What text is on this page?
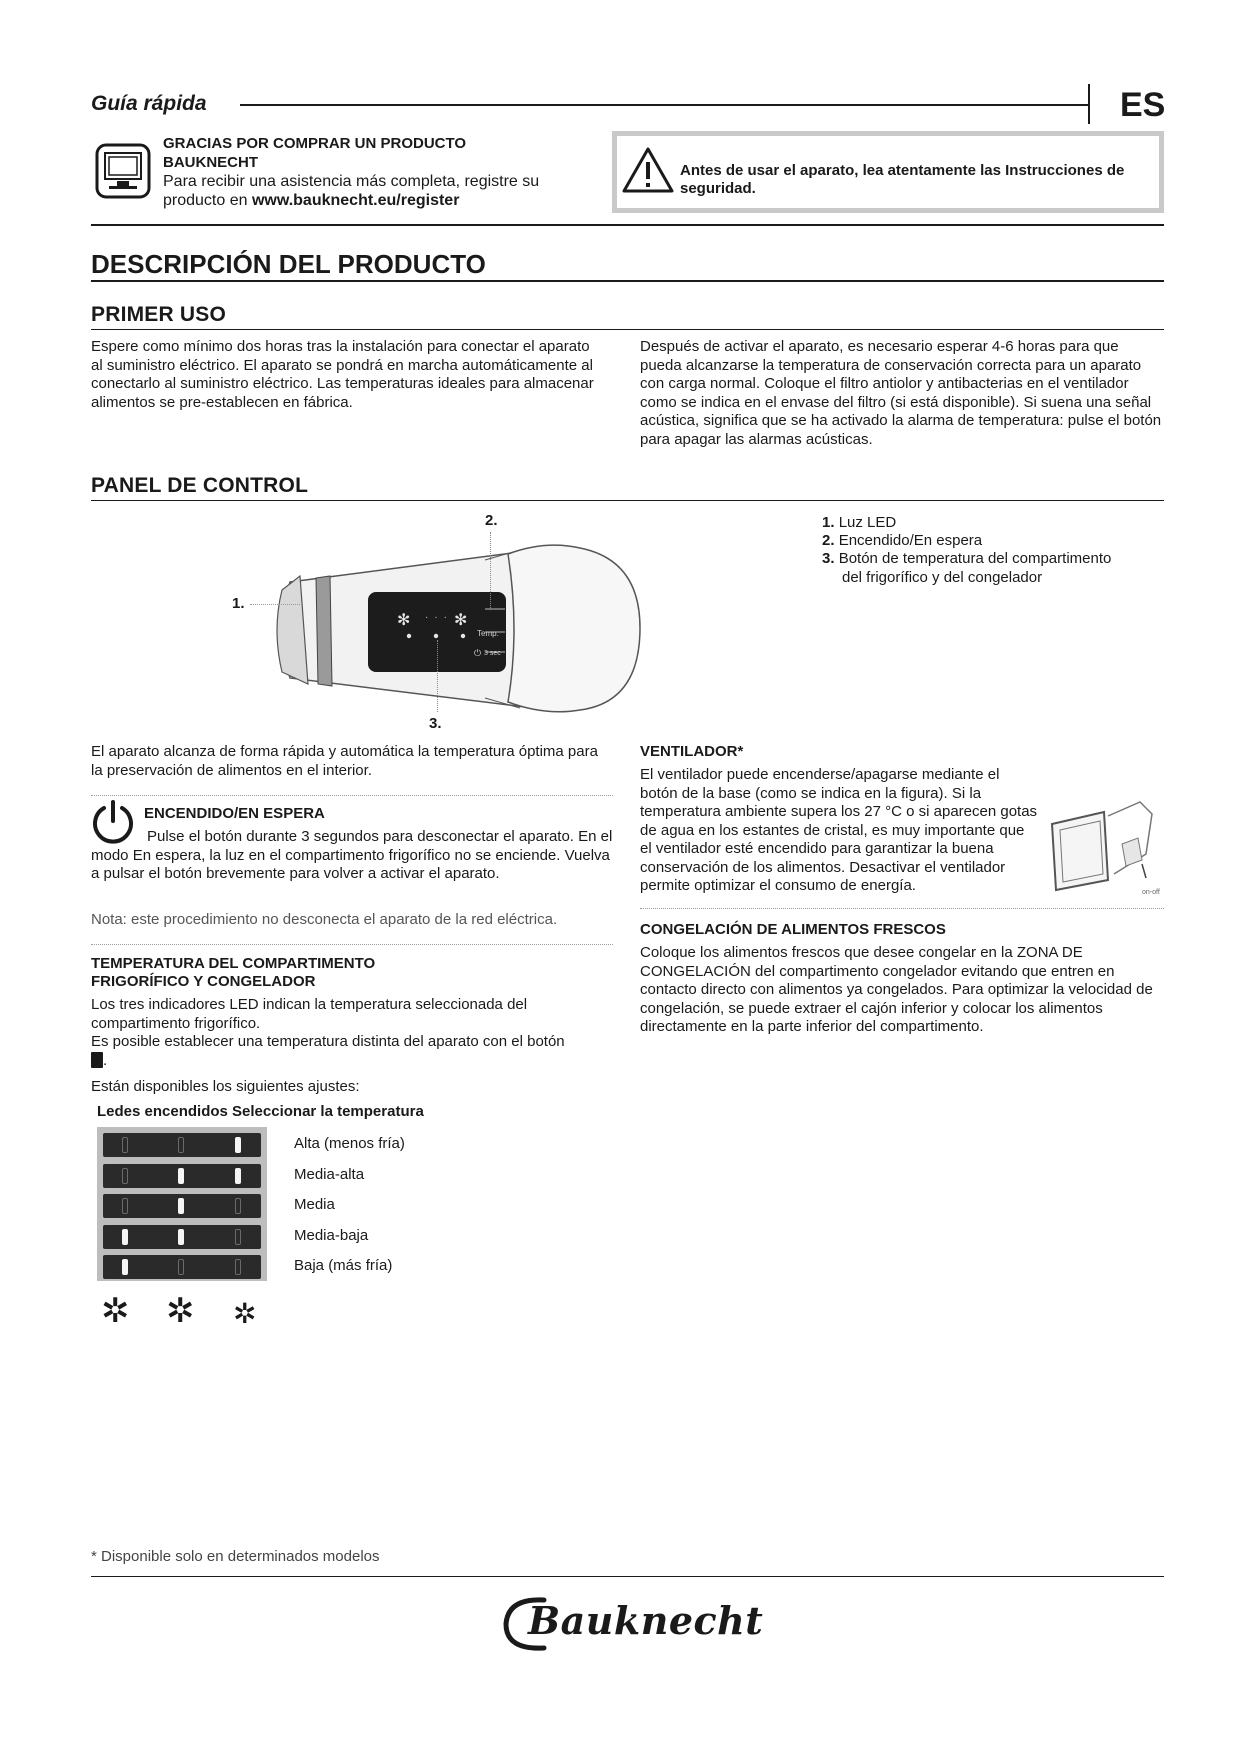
Guía rápida	ES
GRACIAS POR COMPRAR UN PRODUCTO BAUKNECHT
Para recibir una asistencia más completa, registre su producto en www.bauknecht.eu/register
Antes de usar el aparato, lea atentamente las Instrucciones de seguridad.
DESCRIPCIÓN DEL PRODUCTO
PRIMER USO
Espere como mínimo dos horas tras la instalación para conectar el aparato al suministro eléctrico. El aparato se pondrá en marcha automáticamente al conectarlo al suministro eléctrico. Las temperaturas ideales para almacenar alimentos se pre-establecen en fábrica.
Después de activar el aparato, es necesario esperar 4-6 horas para que pueda alcanzarse la temperatura de conservación correcta para un aparato con carga normal. Coloque el filtro antiolor y antibacterias en el ventilador como se indica en el envase del filtro (si está disponible). Si suena una señal acústica, significa que se ha activado la alarma de temperatura: pulse el botón para apagar las alarmas acústicas.
PANEL DE CONTROL
✻ ··· ✻
Temp.
⏻ 3 sec
1.
2.
3.
1. Luz LED
2. Encendido/En espera
3. Botón de temperatura del compartimento del frigorífico y del congelador
El aparato alcanza de forma rápida y automática la temperatura óptima para la preservación de alimentos en el interior.
ENCENDIDO/EN ESPERA
Pulse el botón durante 3 segundos para desconectar el aparato. En el modo En espera, la luz en el compartimento frigorífico no se enciende. Vuelva a pulsar el botón brevemente para volver a activar el aparato.
Nota: este procedimiento no desconecta el aparato de la red eléctrica.
TEMPERATURA DEL COMPARTIMENTO FRIGORÍFICO Y CONGELADOR
Los tres indicadores LED indican la temperatura seleccionada del compartimento frigorífico.
Es posible establecer una temperatura distinta del aparato con el botón .
Están disponibles los siguientes ajustes:
Ledes encendidos Seleccionar la temperatura
Alta (menos fría)
Media-alta
Media
Media-baja
Baja (más fría)
✲ ✲ ✲
VENTILADOR*
on-off
El ventilador puede encenderse/apagarse mediante el botón de la base (como se indica en la figura). Si la temperatura ambiente supera los 27 °C o si aparecen gotas de agua en los estantes de cristal, es muy importante que el ventilador esté encendido para garantizar la buena conservación de los alimentos. Desactivar el ventilador permite optimizar el consumo de energía.
CONGELACIÓN DE ALIMENTOS FRESCOS
Coloque los alimentos frescos que desee congelar en la ZONA DE CONGELACIÓN del compartimento congelador evitando que entren en contacto directo con alimentos ya congelados. Para optimizar la velocidad de congelación, se puede extraer el cajón inferior y colocar los alimentos directamente en la parte inferior del compartimento.
* Disponible solo en determinados modelos
Bauknecht
